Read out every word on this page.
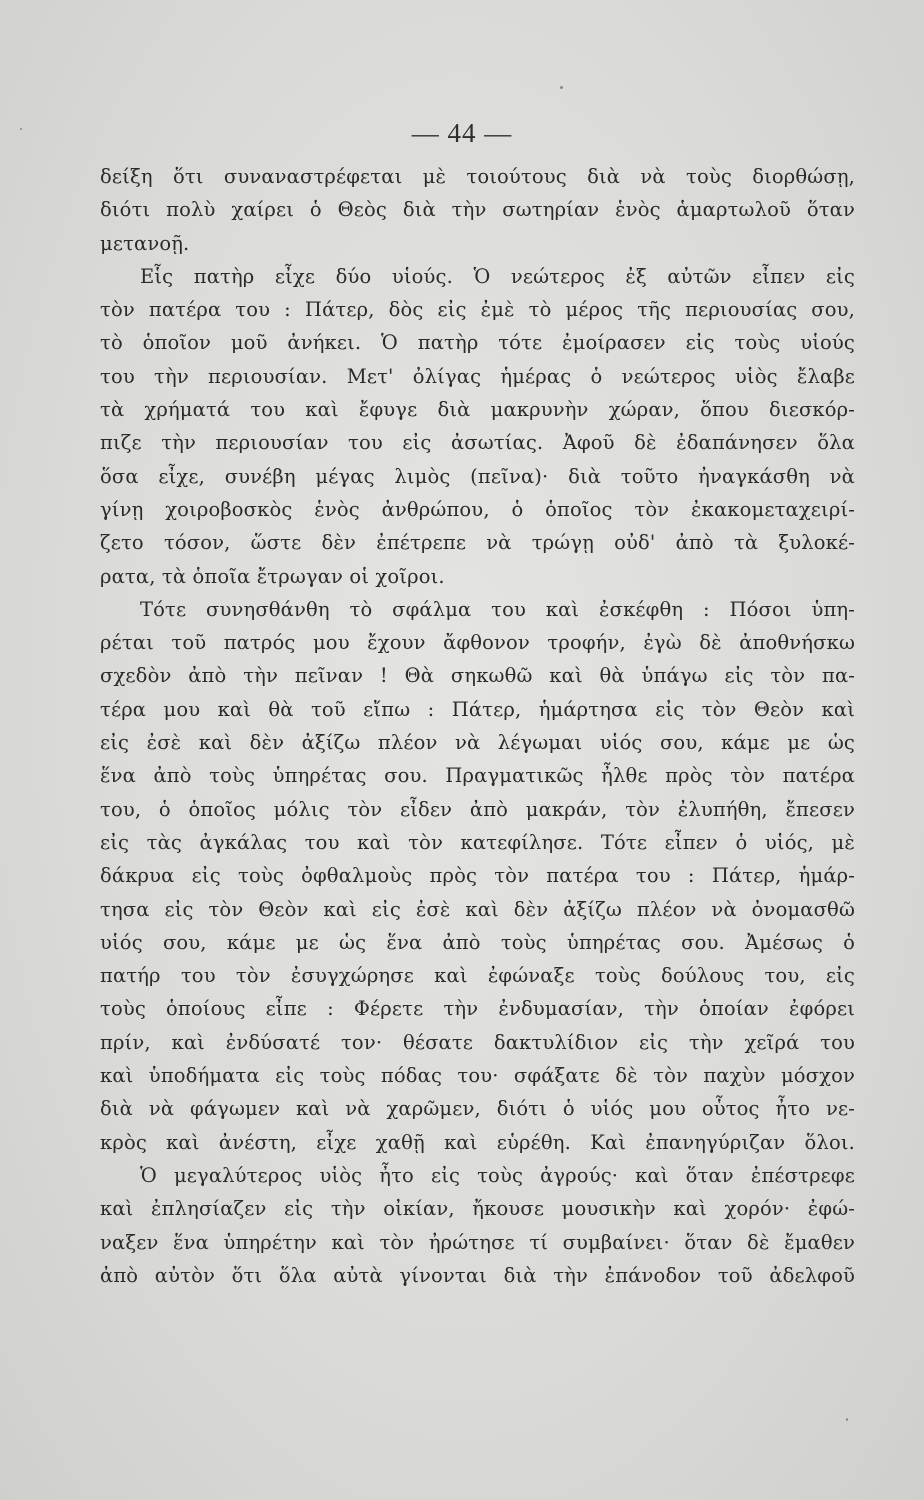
— 44 —
δείξη ὅτι συναναστρέφεται μὲ τοιούτους διὰ νὰ τοὺς διορθώσῃ,
διότι πολὺ χαίρει ὁ Θεὸς διὰ τὴν σωτηρίαν ἑνὸς ἁμαρτωλοῦ ὅταν
μετανοῇ.
Εἷς πατὴρ εἶχε δύο υἱούς. Ὁ νεώτερος ἐξ αὐτῶν εἶπεν εἰς
τὸν πατέρα του : Πάτερ, δὸς εἰς ἐμὲ τὸ μέρος τῆς περιουσίας σου,
τὸ ὁποῖον μοῦ ἀνήκει. Ὁ πατὴρ τότε ἐμοίρασεν εἰς τοὺς υἱούς
του τὴν περιουσίαν. Μετ' ὀλίγας ἡμέρας ὁ νεώτερος υἱὸς ἔλαβε
τὰ χρήματά του καὶ ἔφυγε διὰ μακρυνὴν χώραν, ὅπου διεσκόρ-
πιζε τὴν περιουσίαν του εἰς ἀσωτίας. Ἀφοῦ δὲ ἐδαπάνησεν ὅλα
ὅσα εἶχε, συνέβη μέγας λιμὸς (πεῖνα)· διὰ τοῦτο ἠναγκάσθη νὰ
γίνῃ χοιροβοσκὸς ἑνὸς ἀνθρώπου, ὁ ὁποῖος τὸν ἐκακομεταχειρί-
ζετο τόσον, ὥστε δὲν ἐπέτρεπε νὰ τρώγῃ οὐδ' ἀπὸ τὰ ξυλοκέ-
ρατα, τὰ ὁποῖα ἔτρωγαν οἱ χοῖροι.
Τότε συνησθάνθη τὸ σφάλμα του καὶ ἐσκέφθη : Πόσοι ὑπη-
ρέται τοῦ πατρός μου ἔχουν ἄφθονον τροφήν, ἐγὼ δὲ ἀποθνήσκω
σχεδὸν ἀπὸ τὴν πεῖναν ! Θὰ σηκωθῶ καὶ θὰ ὑπάγω εἰς τὸν πα-
τέρα μου καὶ θὰ τοῦ εἴπω : Πάτερ, ἡμάρτησα εἰς τὸν Θεὸν καὶ
εἰς ἐσὲ καὶ δὲν ἀξίζω πλέον νὰ λέγωμαι υἱός σου, κάμε με ὡς
ἕνα ἀπὸ τοὺς ὑπηρέτας σου. Πραγματικῶς ἦλθε πρὸς τὸν πατέρα
του, ὁ ὁποῖος μόλις τὸν εἶδεν ἀπὸ μακράν, τὸν ἐλυπήθη, ἔπεσεν
εἰς τὰς ἀγκάλας του καὶ τὸν κατεφίλησε. Τότε εἶπεν ὁ υἱός, μὲ
δάκρυα εἰς τοὺς ὀφθαλμοὺς πρὸς τὸν πατέρα του : Πάτερ, ἡμάρ-
τησα εἰς τὸν Θεὸν καὶ εἰς ἐσὲ καὶ δὲν ἀξίζω πλέον νὰ ὀνομασθῶ
υἱός σου, κάμε με ὡς ἕνα ἀπὸ τοὺς ὑπηρέτας σου. Ἀμέσως ὁ
πατήρ του τὸν ἐσυγχώρησε καὶ ἐφώναξε τοὺς δούλους του, εἰς
τοὺς ὁποίους εἶπε : Φέρετε τὴν ἐνδυμασίαν, τὴν ὁποίαν ἐφόρει
πρίν, καὶ ἐνδύσατέ τον· θέσατε δακτυλίδιον εἰς τὴν χεῖρά του
καὶ ὑποδήματα εἰς τοὺς πόδας του· σφάξατε δὲ τὸν παχὺν μόσχον
διὰ νὰ φάγωμεν καὶ νὰ χαρῶμεν, διότι ὁ υἱός μου οὗτος ἦτο νε-
κρὸς καὶ ἀνέστη, εἶχε χαθῇ καὶ εὑρέθη. Καὶ ἐπανηγύριζαν ὅλοι.
Ὁ μεγαλύτερος υἱὸς ἦτο εἰς τοὺς ἀγρούς· καὶ ὅταν ἐπέστρεφε
καὶ ἐπλησίαζεν εἰς τὴν οἰκίαν, ἤκουσε μουσικὴν καὶ χορόν· ἐφώ-
ναξεν ἕνα ὑπηρέτην καὶ τὸν ἠρώτησε τί συμβαίνει· ὅταν δὲ ἔμαθεν
ἀπὸ αὐτὸν ὅτι ὅλα αὐτὰ γίνονται διὰ τὴν ἐπάνοδον τοῦ ἀδελφοῦ
